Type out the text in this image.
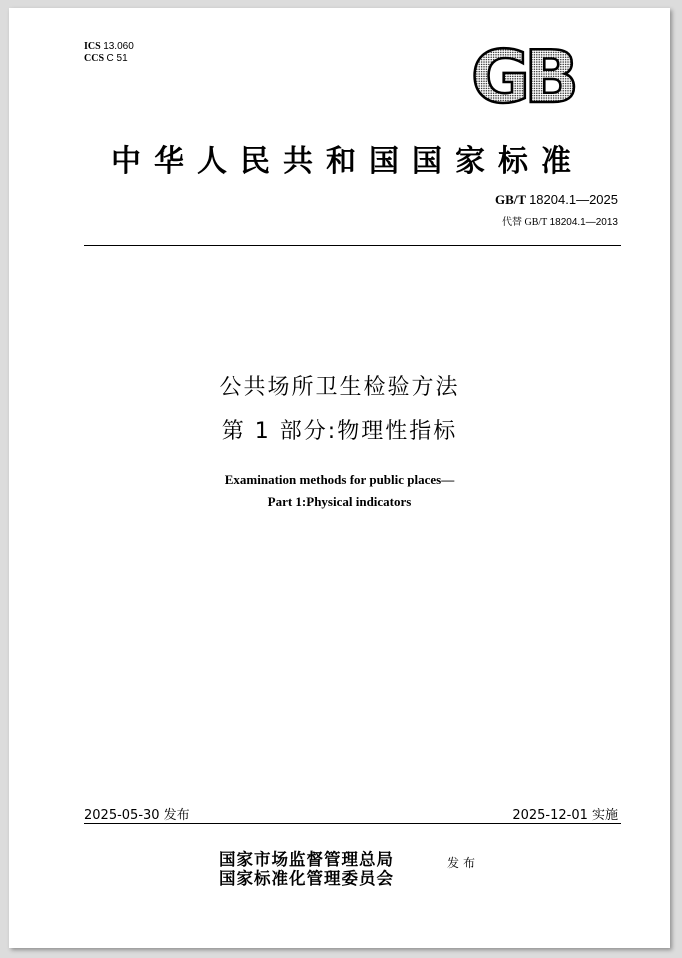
ICS 13.060
CCS C 51	GB
中华人民共和国国家标准
GB/T 18204.1—2025
代替 GB/T 18204.1—2013
公共场所卫生检验方法
第 1 部分:物理性指标
Examination methods for public places—
Part 1:Physical indicators
2025-05-30 发布	2025-12-01 实施
国家市场监督管理总局
国家标准化管理委员会
发布
